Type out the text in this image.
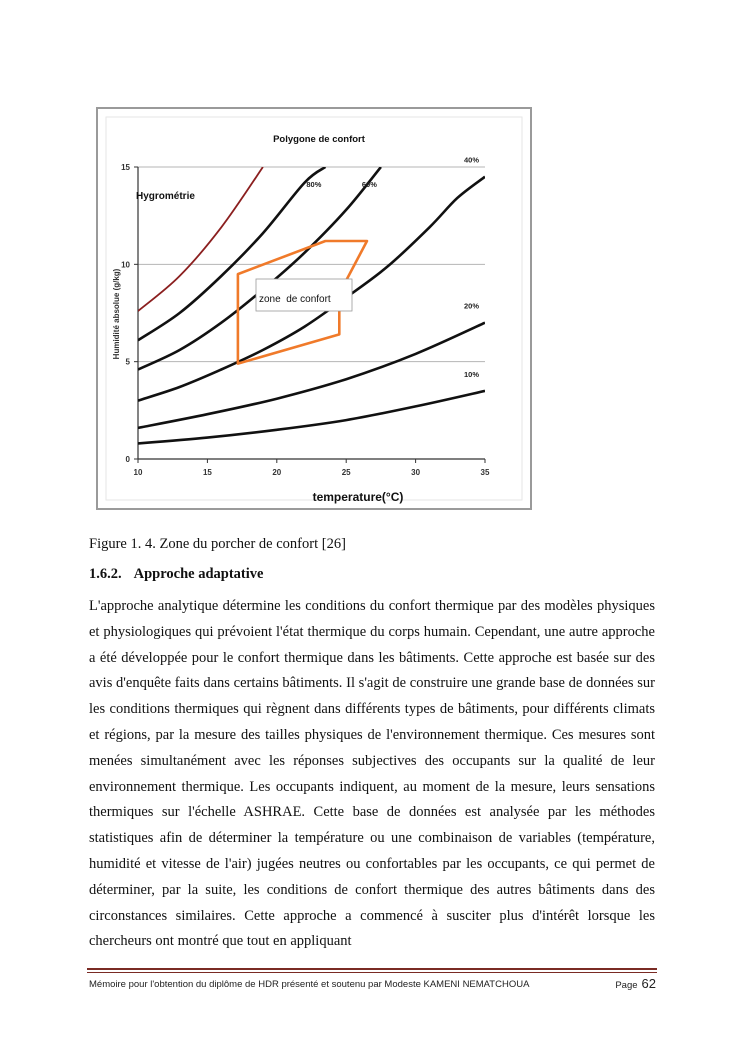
0
5
10
15
10	15	20	25	30	35
80%	60%
40%
20%
10%
Polygone de confort
Hygrométrie
zone  de confort
temperature(°C)
Humidité absolue (g/kg)
Figure 1. 4. Zone du porcher de confort [26]
1.6.2. Approche adaptative

L'approche analytique détermine les conditions du confort thermique par des modèles physiques et physiologiques qui prévoient l'état thermique du corps humain. Cependant, une autre approche a été développée pour le confort thermique dans les bâtiments. Cette approche est basée sur des avis d'enquête faits dans certains bâtiments. Il s'agit de construire une grande base de données sur les conditions thermiques qui règnent dans différents types de bâtiments, pour différents climats et régions, par la mesure des tailles physiques de l'environnement thermique. Ces mesures sont menées simultanément avec les réponses subjectives des occupants sur la qualité de leur environnement thermique. Les occupants indiquent, au moment de la mesure, leurs sensations thermiques sur l'échelle ASHRAE. Cette base de données est analysée par les méthodes statistiques afin de déterminer la température ou une combinaison de variables (température, humidité et vitesse de l'air) jugées neutres ou confortables par les occupants, ce qui permet de déterminer, par la suite, les conditions de confort thermique des autres bâtiments dans des circonstances similaires. Cette approche a commencé à susciter plus d'intérêt lorsque les chercheurs ont montré que tout en appliquant

Mémoire pour l'obtention du diplôme de HDR présenté et soutenu par Modeste KAMENI NEMATCHOUA	Page 62
